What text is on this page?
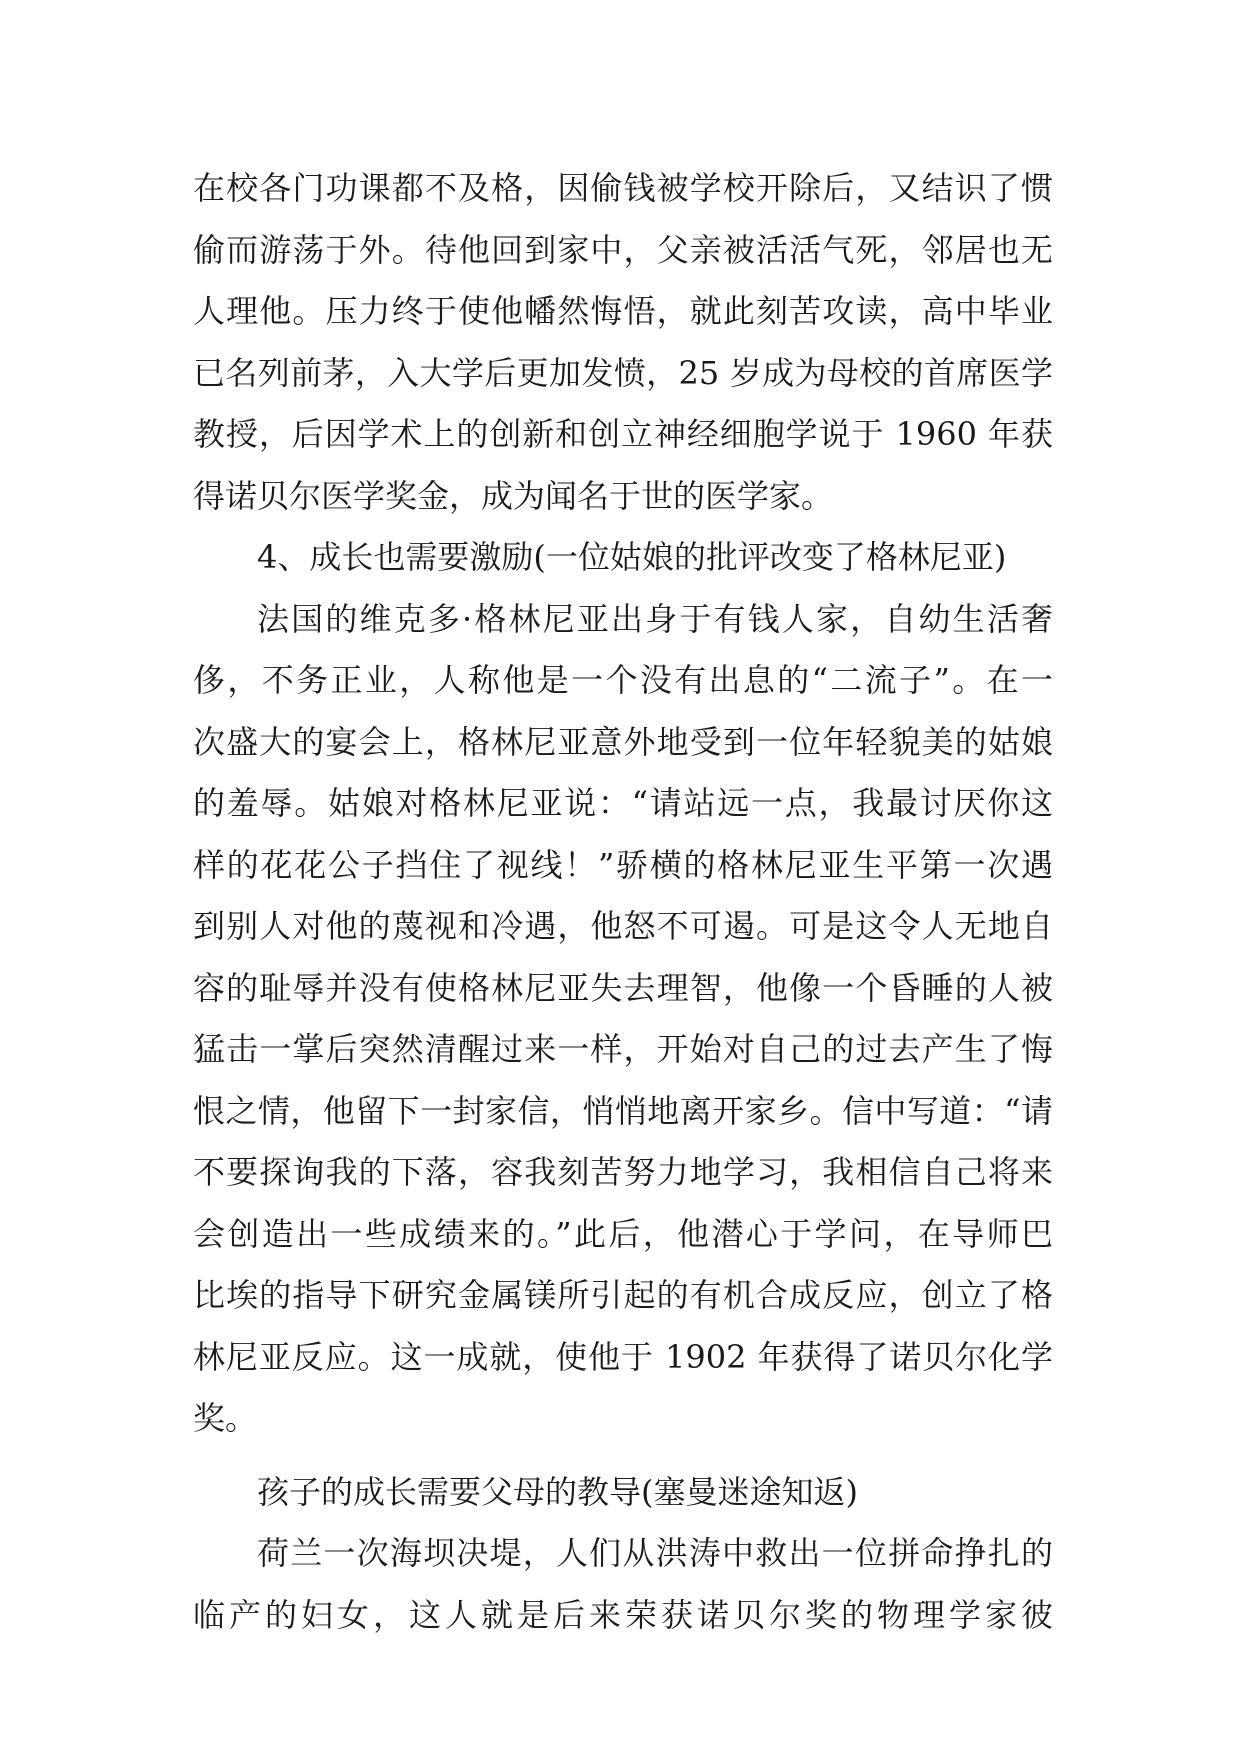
在校各门功课都不及格，因偷钱被学校开除后，又结识了惯
偷而游荡于外。待他回到家中，父亲被活活气死，邻居也无
人理他。压力终于使他幡然悔悟，就此刻苦攻读，高中毕业
已名列前茅，入大学后更加发愤，25 岁成为母校的首席医学
教授，后因学术上的创新和创立神经细胞学说于 1960 年获
得诺贝尔医学奖金，成为闻名于世的医学家。
4、成长也需要激励(一位姑娘的批评改变了格林尼亚)
法国的维克多·格林尼亚出身于有钱人家，自幼生活奢
侈，不务正业，人称他是一个没有出息的“二流子”。在一
次盛大的宴会上，格林尼亚意外地受到一位年轻貌美的姑娘
的羞辱。姑娘对格林尼亚说：“请站远一点，我最讨厌你这
样的花花公子挡住了视线！”骄横的格林尼亚生平第一次遇
到别人对他的蔑视和冷遇，他怒不可遏。可是这令人无地自
容的耻辱并没有使格林尼亚失去理智，他像一个昏睡的人被
猛击一掌后突然清醒过来一样，开始对自己的过去产生了悔
恨之情，他留下一封家信，悄悄地离开家乡。信中写道：“请
不要探询我的下落，容我刻苦努力地学习，我相信自己将来
会创造出一些成绩来的。”此后，他潜心于学问，在导师巴
比埃的指导下研究金属镁所引起的有机合成反应，创立了格
林尼亚反应。这一成就，使他于 1902 年获得了诺贝尔化学
奖。
孩子的成长需要父母的教导(塞曼迷途知返)
荷兰一次海坝决堤，人们从洪涛中救出一位拼命挣扎的
临产的妇女，这人就是后来荣获诺贝尔奖的物理学家彼
